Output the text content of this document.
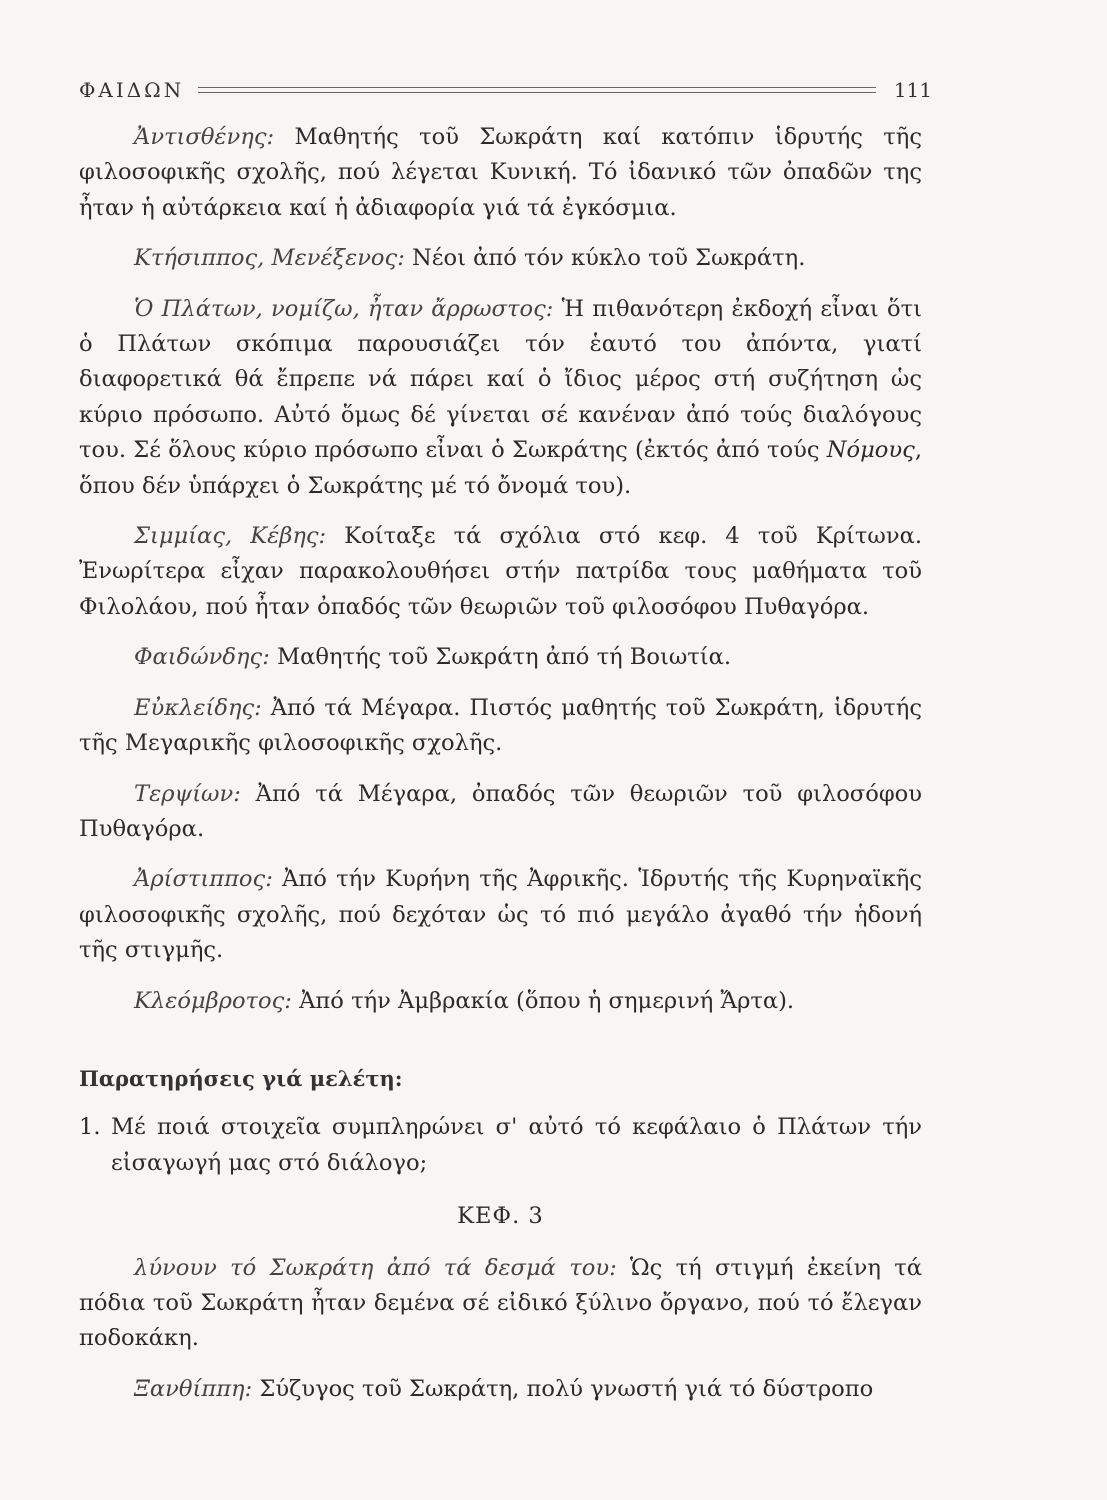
ΦΑΙΔΩΝ	111

Ἀντισθένης: Μαθητής τοῦ Σωκράτη καί κατόπιν ἱδρυτής τῆς φιλοσοφικῆς σχολῆς, πού λέγεται Κυνική. Τό ἰδανικό τῶν ὀπαδῶν της ἦταν ἡ αὐτάρκεια καί ἡ ἀδιαφορία γιά τά ἐγκόσμια.

Κτήσιππος, Μενέξενος: Νέοι ἀπό τόν κύκλο τοῦ Σωκράτη.

Ὁ Πλάτων, νομίζω, ἦταν ἄρρωστος: Ἡ πιθανότερη ἐκδοχή εἶναι ὅτι ὁ Πλάτων σκόπιμα παρουσιάζει τόν ἑαυτό του ἀπόντα, γιατί διαφορετικά θά ἔπρεπε νά πάρει καί ὁ ἴδιος μέρος στή συζήτηση ὡς κύριο πρόσωπο. Αὐτό ὅμως δέ γίνεται σέ κανέναν ἀπό τούς διαλόγους του. Σέ ὅλους κύριο πρόσωπο εἶναι ὁ Σωκράτης (ἐκτός ἀπό τούς Νόμους, ὅπου δέν ὑπάρχει ὁ Σωκράτης μέ τό ὄνομά του).

Σιμμίας, Κέβης: Κοίταξε τά σχόλια στό κεφ. 4 τοῦ Κρίτωνα. Ἐνωρίτερα εἶχαν παρακολουθήσει στήν πατρίδα τους μαθήματα τοῦ Φιλολάου, πού ἦταν ὀπαδός τῶν θεωριῶν τοῦ φιλοσόφου Πυθαγόρα.

Φαιδώνδης: Μαθητής τοῦ Σωκράτη ἀπό τή Βοιωτία.

Εὐκλείδης: Ἀπό τά Μέγαρα. Πιστός μαθητής τοῦ Σωκράτη, ἱδρυτής τῆς Μεγαρικῆς φιλοσοφικῆς σχολῆς.

Τερψίων: Ἀπό τά Μέγαρα, ὀπαδός τῶν θεωριῶν τοῦ φιλοσόφου Πυθαγόρα.

Ἀρίστιππος: Ἀπό τήν Κυρήνη τῆς Ἀφρικῆς. Ἱδρυτής τῆς Κυρηναϊκῆς φιλοσοφικῆς σχολῆς, πού δεχόταν ὡς τό πιό μεγάλο ἀγαθό τήν ἡδονή τῆς στιγμῆς.

Κλεόμβροτος: Ἀπό τήν Ἀμβρακία (ὅπου ἡ σημερινή Ἄρτα).

Παρατηρήσεις γιά μελέτη:
1. Μέ ποιά στοιχεῖα συμπληρώνει σ' αὐτό τό κεφάλαιο ὁ Πλάτων τήν εἰσαγωγή μας στό διάλογο;
ΚΕΦ. 3

λύνουν τό Σωκράτη ἀπό τά δεσμά του: Ὡς τή στιγμή ἐκείνη τά πόδια τοῦ Σωκράτη ἦταν δεμένα σέ εἰδικό ξύλινο ὄργανο, πού τό ἔλεγαν ποδοκάκη.

Ξανθίππη: Σύζυγος τοῦ Σωκράτη, πολύ γνωστή γιά τό δύστροπο
